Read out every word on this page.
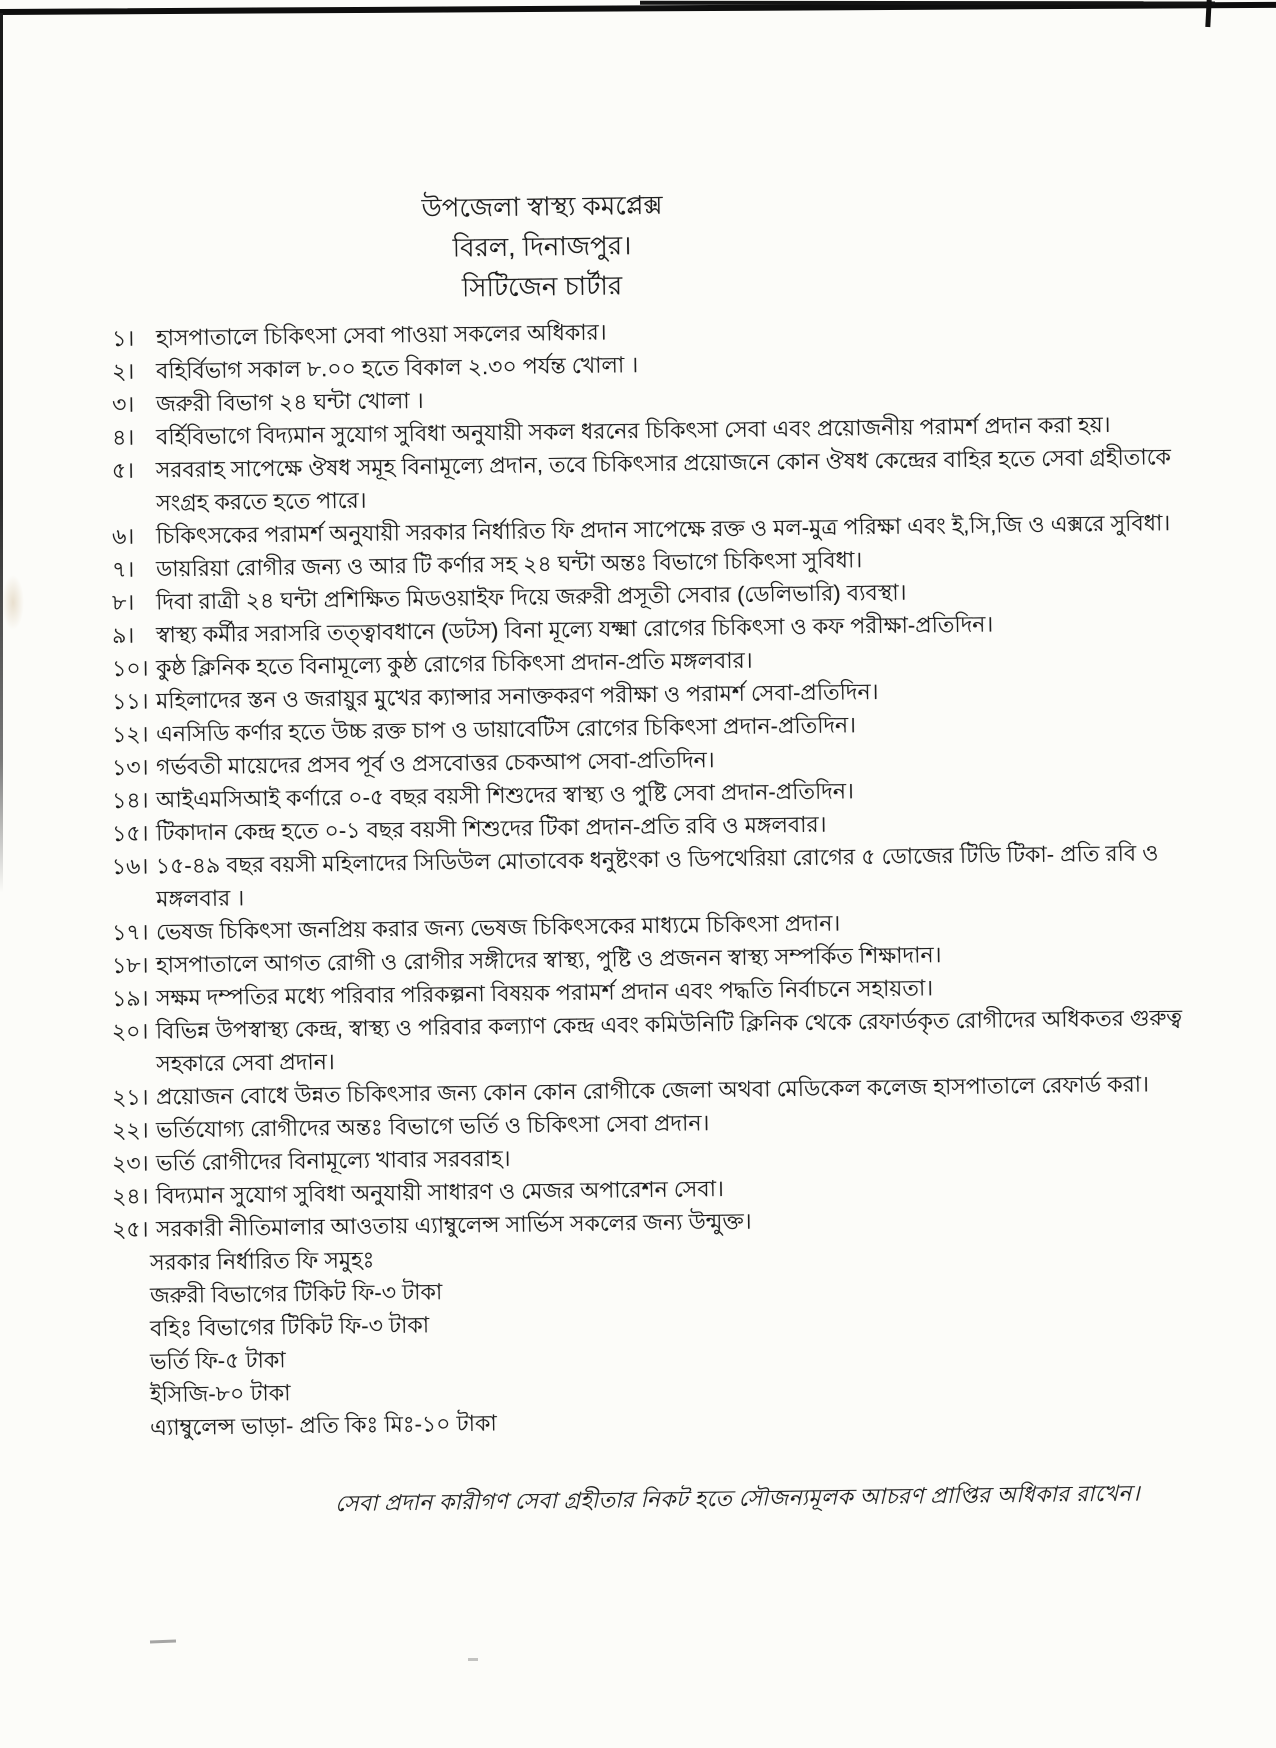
উপজেলা স্বাস্থ্য কমপ্লেক্স
বিরল, দিনাজপুর।
সিটিজেন চার্টার
১। হাসপাতালে চিকিৎসা সেবা পাওয়া সকলের অধিকার।
২। বহির্বিভাগ সকাল ৮.০০ হতে বিকাল ২.৩০ পর্যন্ত খোলা ।
৩। জরুরী বিভাগ ২৪ ঘন্টা খোলা ।
৪। বর্হিবিভাগে বিদ্যমান সুযোগ সুবিধা অনুযায়ী সকল ধরনের চিকিৎসা সেবা এবং প্রয়োজনীয় পরামর্শ প্রদান করা হয়।
৫। সরবরাহ সাপেক্ষে ঔষধ সমূহ বিনামূল্যে প্রদান, তবে চিকিৎসার প্রয়োজনে কোন ঔষধ কেন্দ্রের বাহির হতে সেবা গ্রহীতাকে সংগ্রহ করতে হতে পারে।
৬। চিকিৎসকের পরামর্শ অনুযায়ী সরকার নির্ধারিত ফি প্রদান সাপেক্ষে রক্ত ও মল-মুত্র পরিক্ষা এবং ই,সি,জি ও এক্সরে সুবিধা।
৭। ডায়রিয়া রোগীর জন্য ও আর টি কর্ণার সহ ২৪ ঘন্টা অন্তঃ বিভাগে চিকিৎসা সুবিধা।
৮। দিবা রাত্রী ২৪ ঘন্টা প্রশিক্ষিত মিডওয়াইফ দিয়ে জরুরী প্রসূতী সেবার (ডেলিভারি) ব্যবস্থা।
৯। স্বাস্থ্য কর্মীর সরাসরি তত্ত্বাবধানে (ডটস) বিনা মূল্যে যক্ষ্মা রোগের চিকিৎসা ও কফ পরীক্ষা-প্রতিদিন।
১০। কুষ্ঠ ক্লিনিক হতে বিনামূল্যে কুষ্ঠ রোগের চিকিৎসা প্রদান-প্রতি মঙ্গলবার।
১১। মহিলাদের স্তন ও জরায়ুর মুখের ক্যান্সার সনাক্তকরণ পরীক্ষা ও পরামর্শ সেবা-প্রতিদিন।
১২। এনসিডি কর্ণার হতে উচ্চ রক্ত চাপ ও ডায়াবেটিস রোগের চিকিৎসা প্রদান-প্রতিদিন।
১৩। গর্ভবতী মায়েদের প্রসব পূর্ব ও প্রসবোত্তর চেকআপ সেবা-প্রতিদিন।
১৪। আইএমসিআই কর্ণারে ০-৫ বছর বয়সী শিশুদের স্বাস্থ্য ও পুষ্টি সেবা প্রদান-প্রতিদিন।
১৫। টিকাদান কেন্দ্র হতে ০-১ বছর বয়সী শিশুদের টিকা প্রদান-প্রতি রবি ও মঙ্গলবার।
১৬। ১৫-৪৯ বছর বয়সী মহিলাদের সিডিউল মোতাবেক ধনুষ্টংকা ও ডিপথেরিয়া রোগের ৫ ডোজের টিডি টিকা- প্রতি রবি ও মঙ্গলবার ।
১৭। ভেষজ চিকিৎসা জনপ্রিয় করার জন্য ভেষজ চিকিৎসকের মাধ্যমে চিকিৎসা প্রদান।
১৮। হাসপাতালে আগত রোগী ও রোগীর সঙ্গীদের স্বাস্থ্য, পুষ্টি ও প্রজনন স্বাস্থ্য সম্পর্কিত শিক্ষাদান।
১৯। সক্ষম দম্পতির মধ্যে পরিবার পরিকল্পনা বিষয়ক পরামর্শ প্রদান এবং পদ্ধতি নির্বাচনে সহায়তা।
২০। বিভিন্ন উপস্বাস্থ্য কেন্দ্র, স্বাস্থ্য ও পরিবার কল্যাণ কেন্দ্র এবং কমিউনিটি ক্লিনিক থেকে রেফার্ডকৃত রোগীদের অধিকতর গুরুত্ব সহকারে সেবা প্রদান।
২১। প্রয়োজন বোধে উন্নত চিকিৎসার জন্য কোন কোন রোগীকে জেলা অথবা মেডিকেল কলেজ হাসপাতালে রেফার্ড করা।
২২। ভর্তিযোগ্য রোগীদের অন্তঃ বিভাগে ভর্তি ও চিকিৎসা সেবা প্রদান।
২৩। ভর্তি রোগীদের বিনামূল্যে খাবার সরবরাহ।
২৪। বিদ্যমান সুযোগ সুবিধা অনুযায়ী সাধারণ ও মেজর অপারেশন সেবা।
২৫। সরকারী নীতিমালার আওতায় এ্যাম্বুলেন্স সার্ভিস সকলের জন্য উন্মুক্ত।
সরকার নির্ধারিত ফি সমুহঃ
জরুরী বিভাগের টিকিট ফি-৩ টাকা
বহিঃ বিভাগের টিকিট ফি-৩ টাকা
ভর্তি ফি-৫ টাকা
ইসিজি-৮০ টাকা
এ্যাম্বুলেন্স ভাড়া- প্রতি কিঃ মিঃ-১০ টাকা
সেবা প্রদান কারীগণ সেবা গ্রহীতার নিকট হতে সৌজন্যমূলক আচরণ প্রাপ্তির অধিকার রাখেন।
